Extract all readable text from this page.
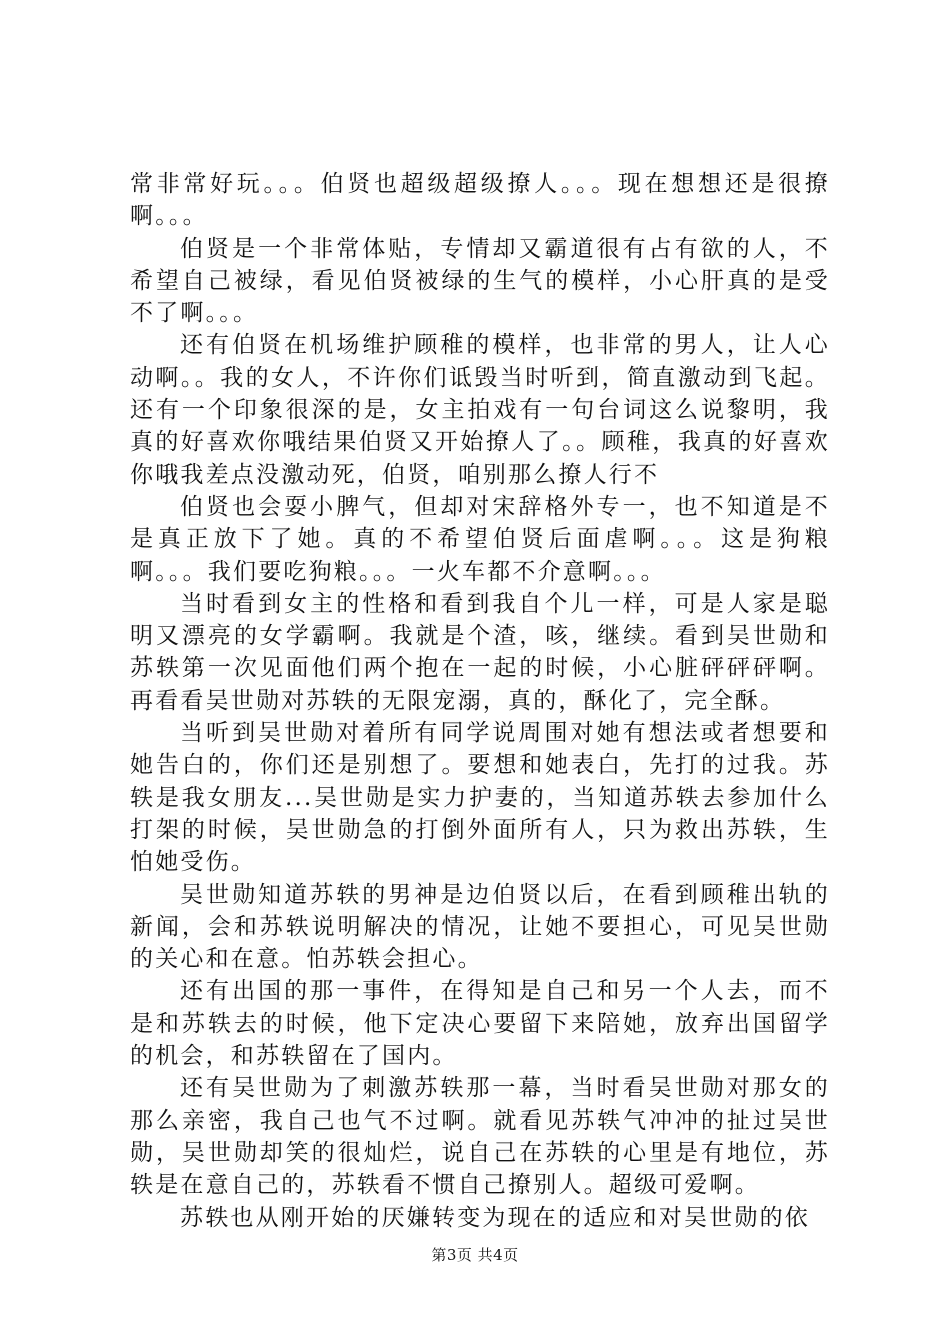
常非常好玩。。。伯贤也超级超级撩人。。。现在想想还是很撩啊。。。

伯贤是一个非常体贴，专情却又霸道很有占有欲的人，不希望自己被绿，看见伯贤被绿的生气的模样，小心肝真的是受不了啊。。。

还有伯贤在机场维护顾稚的模样，也非常的男人，让人心动啊。。我的女人，不许你们诋毁当时听到，简直激动到飞起。还有一个印象很深的是，女主拍戏有一句台词这么说黎明，我真的好喜欢你哦结果伯贤又开始撩人了。。顾稚，我真的好喜欢你哦我差点没激动死，伯贤，咱别那么撩人行不

伯贤也会耍小脾气，但却对宋辞格外专一，也不知道是不是真正放下了她。真的不希望伯贤后面虐啊。。。这是狗粮啊。。。我们要吃狗粮。。。一火车都不介意啊。。。

当时看到女主的性格和看到我自个儿一样，可是人家是聪明又漂亮的女学霸啊。我就是个渣，咳，继续。看到吴世勋和苏轶第一次见面他们两个抱在一起的时候，小心脏砰砰砰啊。再看看吴世勋对苏轶的无限宠溺，真的，酥化了，完全酥。

当听到吴世勋对着所有同学说周围对她有想法或者想要和她告白的，你们还是别想了。要想和她表白，先打的过我。苏轶是我女朋友...吴世勋是实力护妻的，当知道苏轶去参加什么打架的时候，吴世勋急的打倒外面所有人，只为救出苏轶，生怕她受伤。

吴世勋知道苏轶的男神是边伯贤以后，在看到顾稚出轨的新闻，会和苏轶说明解决的情况，让她不要担心，可见吴世勋的关心和在意。怕苏轶会担心。

还有出国的那一事件，在得知是自己和另一个人去，而不是和苏轶去的时候，他下定决心要留下来陪她，放弃出国留学的机会，和苏轶留在了国内。

还有吴世勋为了刺激苏轶那一幕，当时看吴世勋对那女的那么亲密，我自己也气不过啊。就看见苏轶气冲冲的扯过吴世勋，吴世勋却笑的很灿烂，说自己在苏轶的心里是有地位，苏轶是在意自己的，苏轶看不惯自己撩别人。超级可爱啊。

苏轶也从刚开始的厌嫌转变为现在的适应和对吴世勋的依

第3页 共4页
